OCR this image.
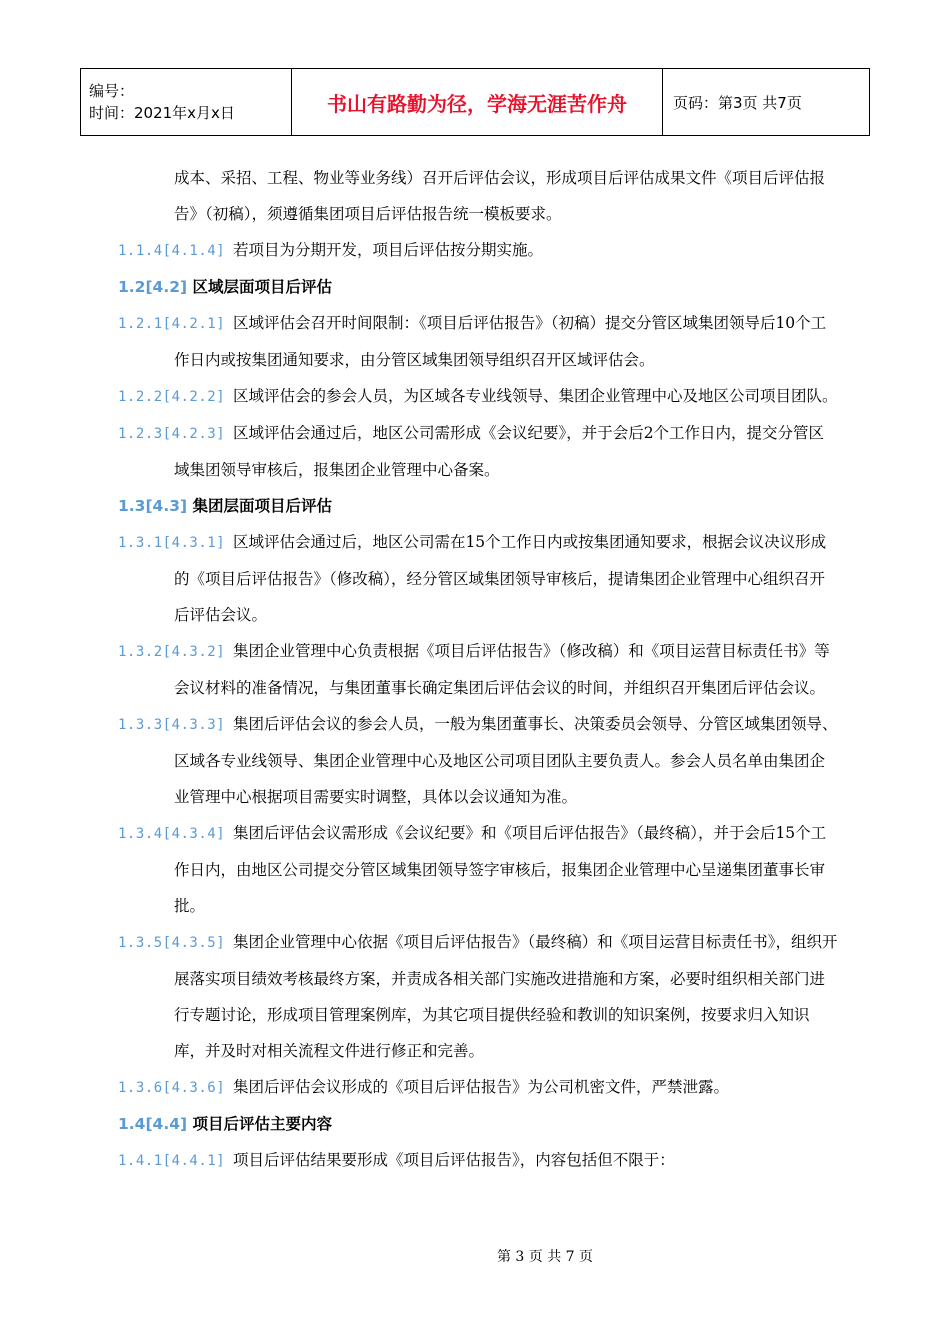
编号：
时间：2021年x月x日	书山有路勤为径，学海无涯苦作舟	页码：第3页 共7页

成本、采招、工程、物业等业务线）召开后评估会议，形成项目后评估成果文件《项目后评估报告》（初稿），须遵循集团项目后评估报告统一模板要求。

1.1.4[4.1.4] 若项目为分期开发，项目后评估按分期实施。

1.2[4.2] 区域层面项目后评估

1.2.1[4.2.1] 区域评估会召开时间限制：《项目后评估报告》（初稿）提交分管区域集团领导后10个工作日内或按集团通知要求，由分管区域集团领导组织召开区域评估会。

1.2.2[4.2.2] 区域评估会的参会人员，为区域各专业线领导、集团企业管理中心及地区公司项目团队。

1.2.3[4.2.3] 区域评估会通过后，地区公司需形成《会议纪要》，并于会后2个工作日内，提交分管区域集团领导审核后，报集团企业管理中心备案。

1.3[4.3] 集团层面项目后评估

1.3.1[4.3.1] 区域评估会通过后，地区公司需在15个工作日内或按集团通知要求，根据会议决议形成的《项目后评估报告》（修改稿），经分管区域集团领导审核后，提请集团企业管理中心组织召开后评估会议。

1.3.2[4.3.2] 集团企业管理中心负责根据《项目后评估报告》（修改稿）和《项目运营目标责任书》等会议材料的准备情况，与集团董事长确定集团后评估会议的时间，并组织召开集团后评估会议。

1.3.3[4.3.3] 集团后评估会议的参会人员，一般为集团董事长、决策委员会领导、分管区域集团领导、区域各专业线领导、集团企业管理中心及地区公司项目团队主要负责人。参会人员名单由集团企业管理中心根据项目需要实时调整，具体以会议通知为准。

1.3.4[4.3.4] 集团后评估会议需形成《会议纪要》和《项目后评估报告》（最终稿），并于会后15个工作日内，由地区公司提交分管区域集团领导签字审核后，报集团企业管理中心呈递集团董事长审批。

1.3.5[4.3.5] 集团企业管理中心依据《项目后评估报告》（最终稿）和《项目运营目标责任书》，组织开展落实项目绩效考核最终方案，并责成各相关部门实施改进措施和方案，必要时组织相关部门进行专题讨论，形成项目管理案例库，为其它项目提供经验和教训的知识案例，按要求归入知识库，并及时对相关流程文件进行修正和完善。

1.3.6[4.3.6] 集团后评估会议形成的《项目后评估报告》为公司机密文件，严禁泄露。

1.4[4.4] 项目后评估主要内容

1.4.1[4.4.1] 项目后评估结果要形成《项目后评估报告》，内容包括但不限于：

第 3 页 共 7 页
